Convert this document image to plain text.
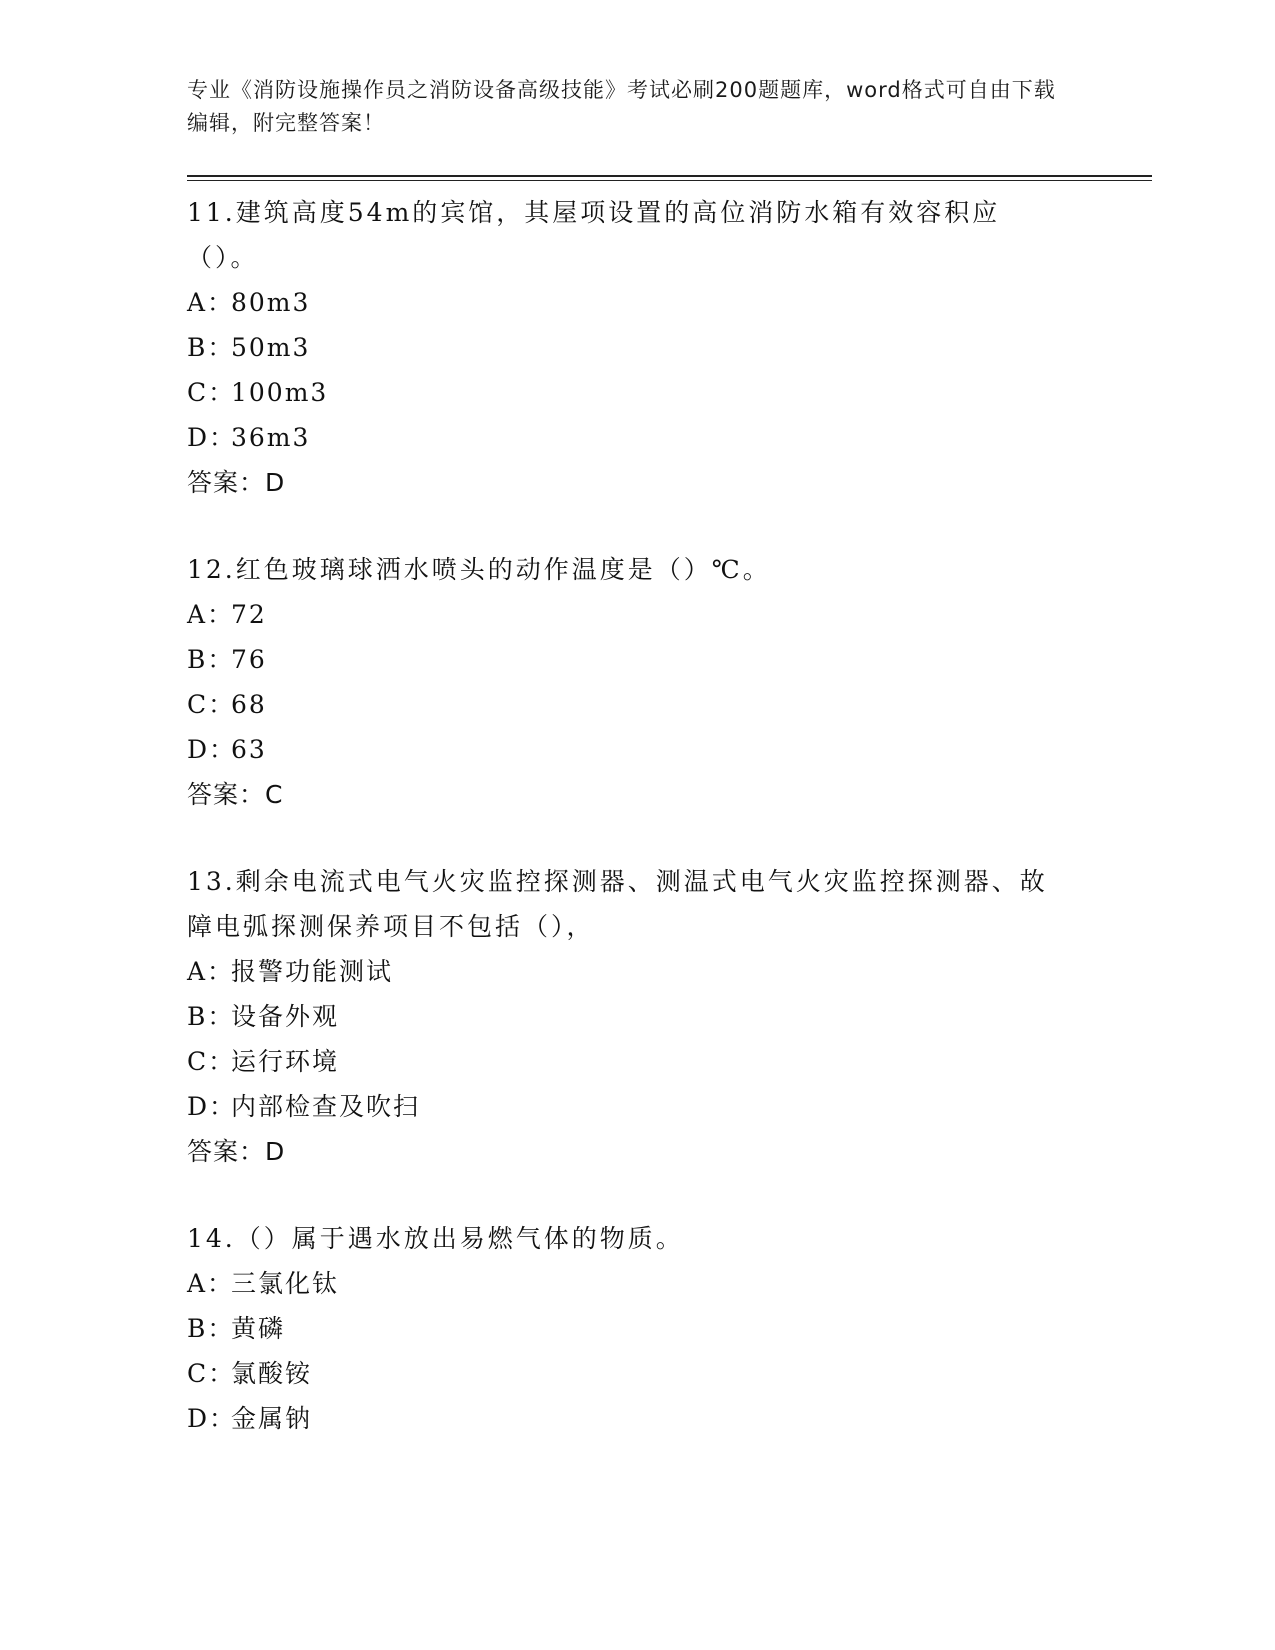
专业《消防设施操作员之消防设备高级技能》考试必刷200题题库，word格式可自由下载编辑，附完整答案！

11.建筑高度54m的宾馆，其屋项设置的高位消防水箱有效容积应（）。

A：80m3
B：50m3
C：100m3
D：36m3
答案：D

12.红色玻璃球洒水喷头的动作温度是（）℃。

A：72
B：76
C：68
D：63
答案：C

13.剩余电流式电气火灾监控探测器、测温式电气火灾监控探测器、故障电弧探测保养项目不包括（），

A：报警功能测试
B：设备外观
C：运行环境
D：内部检查及吹扫
答案：D

14.（）属于遇水放出易燃气体的物质。

A：三氯化钛
B：黄磷
C：氯酸铵
D：金属钠
